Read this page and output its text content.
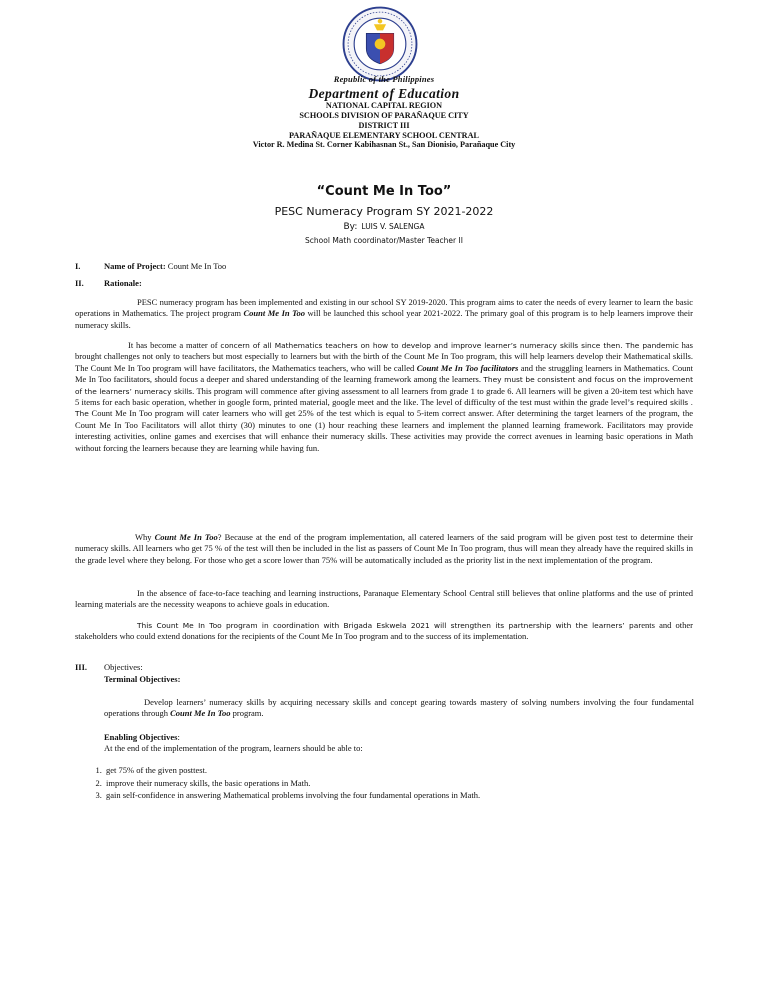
Republic of the Philippines
Department of Education
NATIONAL CAPITAL REGION
SCHOOLS DIVISION OF PARAÑAQUE CITY
DISTRICT III
PARAÑAQUE ELEMENTARY SCHOOL CENTRAL
Victor R. Medina St. Corner Kabihasnan St., San Dionisio, Parañaque City
“Count Me In Too”
PESC Numeracy Program SY 2021-2022
By: LUIS V. SALENGA
School Math coordinator/Master Teacher II
I.	Name of Project: Count Me In Too
II. Rationale:
PESC numeracy program has been implemented and existing in our school SY 2019-2020. This program aims to cater the needs of every learner to learn the basic operations in Mathematics. The project program Count Me In Too will be launched this school year 2021-2022. The primary goal of this program is to help learners improve their numeracy skills.
It has become a matter of concern of all Mathematics teachers on how to develop and improve learner’s numeracy skills since then. The pandemic has brought challenges not only to teachers but most especially to learners but with the birth of the Count Me In Too program, this will help learners develop their Mathematical skills. The Count Me In Too program will have facilitators, the Mathematics teachers, who will be called Count Me In Too facilitators and the struggling learners in Mathematics. Count Me In Too facilitators, should focus a deeper and shared understanding of the learning framework among the learners. They must be consistent and focus on the improvement of the learners’ numeracy skills. This program will commence after giving assessment to all learners from grade 1 to grade 6. All learners will be given a 20-item test which have 5 items for each basic operation, whether in google form, printed material, google meet and the like. The level of difficulty of the test must within the grade level’s required skills . The Count Me In Too program will cater learners who will get 25% of the test which is equal to 5-item correct answer. After determining the target learners of the program, the Count Me In Too Facilitators will allot thirty (30) minutes to one (1) hour reaching these learners and implement the planned learning framework. Facilitators may provide interesting activities, online games and exercises that will enhance their numeracy skills. These activities may provide the correct avenues in learning basic operations in Math without forcing the learners because they are learning while having fun.
Why Count Me In Too? Because at the end of the program implementation, all catered learners of the said program will be given post test to determine their numeracy skills. All learners who get 75 % of the test will then be included in the list as passers of Count Me In Too program, thus will mean they already have the required skills in the grade level where they belong. For those who get a score lower than 75% will be automatically included as the priority list in the next implementation of the program.
In the absence of face-to-face teaching and learning instructions, Paranaque Elementary School Central still believes that online platforms and the use of printed learning materials are the necessity weapons to achieve goals in education.
This Count Me In Too program in coordination with Brigada Eskwela 2021 will strengthen its partnership with the learners’ parents and other stakeholders who could extend donations for the recipients of the Count Me In Too program and to the success of its implementation.
III. Objectives:
Terminal Objectives:
Develop learners’ numeracy skills by acquiring necessary skills and concept gearing towards mastery of solving numbers involving the four fundamental operations through Count Me In Too program.
Enabling Objectives:
At the end of the implementation of the program, learners should be able to:
1. get 75% of the given posttest.
2. improve their numeracy skills, the basic operations in Math.
3. gain self-confidence in answering Mathematical problems involving the four fundamental operations in Math.
